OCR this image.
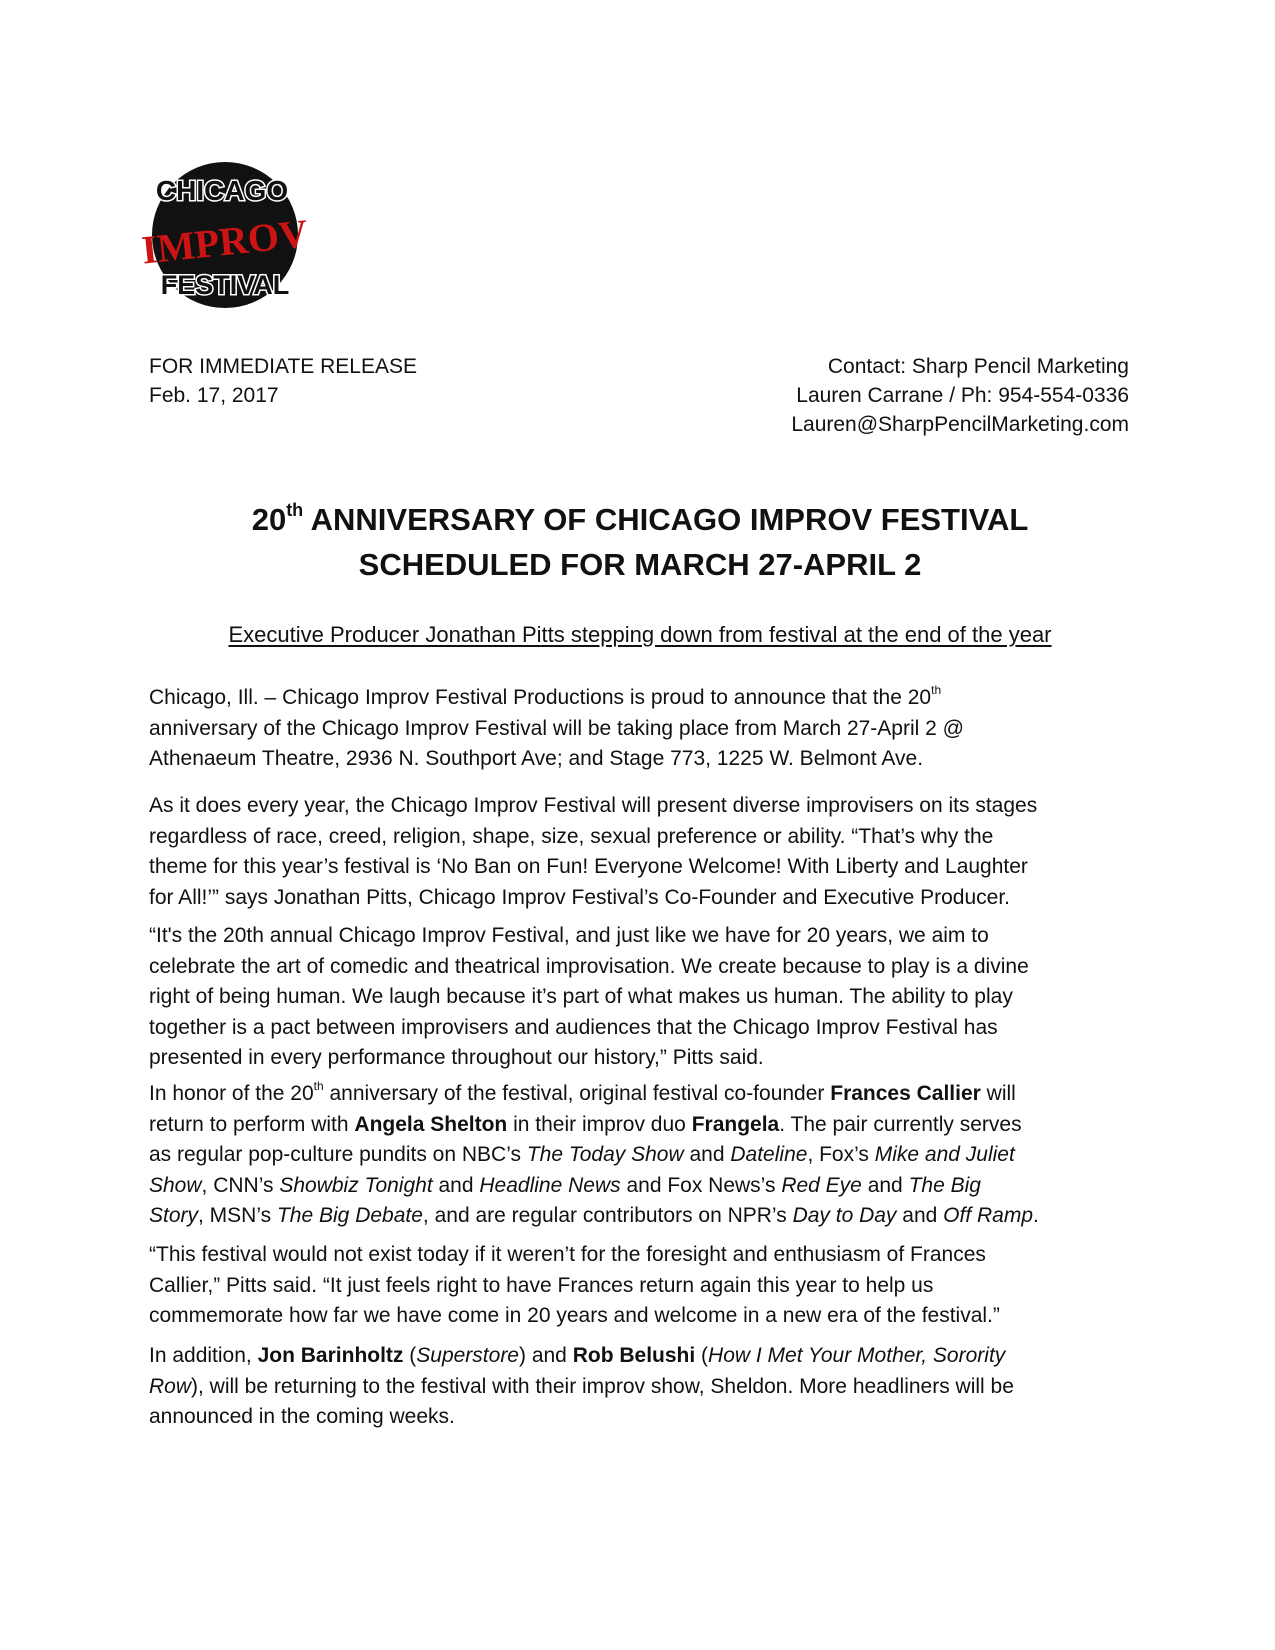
CHICAGO
IMPROV
FESTIVAL
FOR IMMEDIATE RELEASE
Feb. 17, 2017
Contact: Sharp Pencil Marketing
Lauren Carrane / Ph: 954-554-0336
Lauren@SharpPencilMarketing.com
20th ANNIVERSARY OF CHICAGO IMPROV FESTIVAL
SCHEDULED FOR MARCH 27-APRIL 2
Executive Producer Jonathan Pitts stepping down from festival at the end of the year
Chicago, Ill. – Chicago Improv Festival Productions is proud to announce that the 20th
anniversary of the Chicago Improv Festival will be taking place from March 27-April 2 @
Athenaeum Theatre, 2936 N. Southport Ave; and Stage 773, 1225 W. Belmont Ave.
As it does every year, the Chicago Improv Festival will present diverse improvisers on its stages
regardless of race, creed, religion, shape, size, sexual preference or ability. “That’s why the
theme for this year’s festival is ‘No Ban on Fun! Everyone Welcome! With Liberty and Laughter
for All!’” says Jonathan Pitts, Chicago Improv Festival’s Co-Founder and Executive Producer.
“It's the 20th annual Chicago Improv Festival, and just like we have for 20 years, we aim to
celebrate the art of comedic and theatrical improvisation. We create because to play is a divine
right of being human. We laugh because it’s part of what makes us human. The ability to play
together is a pact between improvisers and audiences that the Chicago Improv Festival has
presented in every performance throughout our history,” Pitts said.
In honor of the 20th anniversary of the festival, original festival co-founder Frances Callier will
return to perform with Angela Shelton in their improv duo Frangela. The pair currently serves
as regular pop-culture pundits on NBC’s The Today Show and Dateline, Fox’s Mike and Juliet
Show, CNN’s Showbiz Tonight and Headline News and Fox News’s Red Eye and The Big
Story, MSN’s The Big Debate, and are regular contributors on NPR’s Day to Day and Off Ramp.
“This festival would not exist today if it weren’t for the foresight and enthusiasm of Frances
Callier,” Pitts said. “It just feels right to have Frances return again this year to help us
commemorate how far we have come in 20 years and welcome in a new era of the festival.”
In addition, Jon Barinholtz (Superstore) and Rob Belushi (How I Met Your Mother, Sorority
Row), will be returning to the festival with their improv show, Sheldon. More headliners will be
announced in the coming weeks.
